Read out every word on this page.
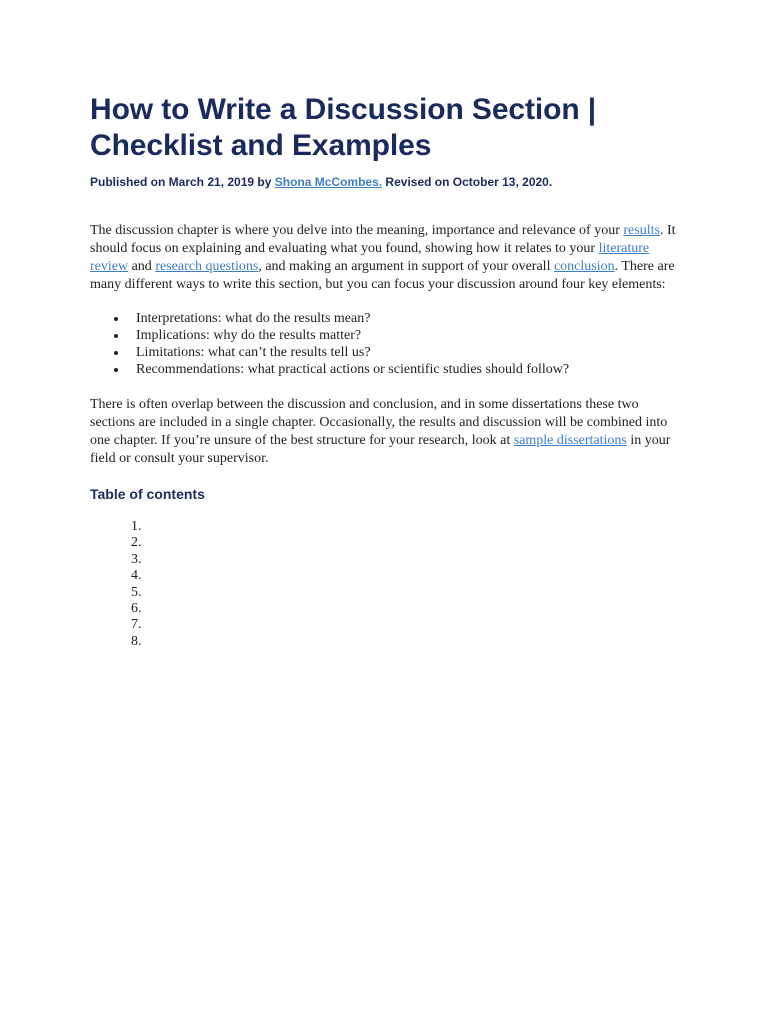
How to Write a Discussion Section | Checklist and Examples
Published on March 21, 2019 by Shona McCombes. Revised on October 13, 2020.

The discussion chapter is where you delve into the meaning, importance and relevance of your results. It should focus on explaining and evaluating what you found, showing how it relates to your literature review and research questions, and making an argument in support of your overall conclusion. There are many different ways to write this section, but you can focus your discussion around four key elements:

Interpretations: what do the results mean?
Implications: why do the results matter?
Limitations: what can’t the results tell us?
Recommendations: what practical actions or scientific studies should follow?

There is often overlap between the discussion and conclusion, and in some dissertations these two sections are included in a single chapter. Occasionally, the results and discussion will be combined into one chapter. If you’re unsure of the best structure for your research, look at sample dissertations in your field or consult your supervisor.

Table of contents
1.
2.
3.
4.
5.
6.
7.
8.
